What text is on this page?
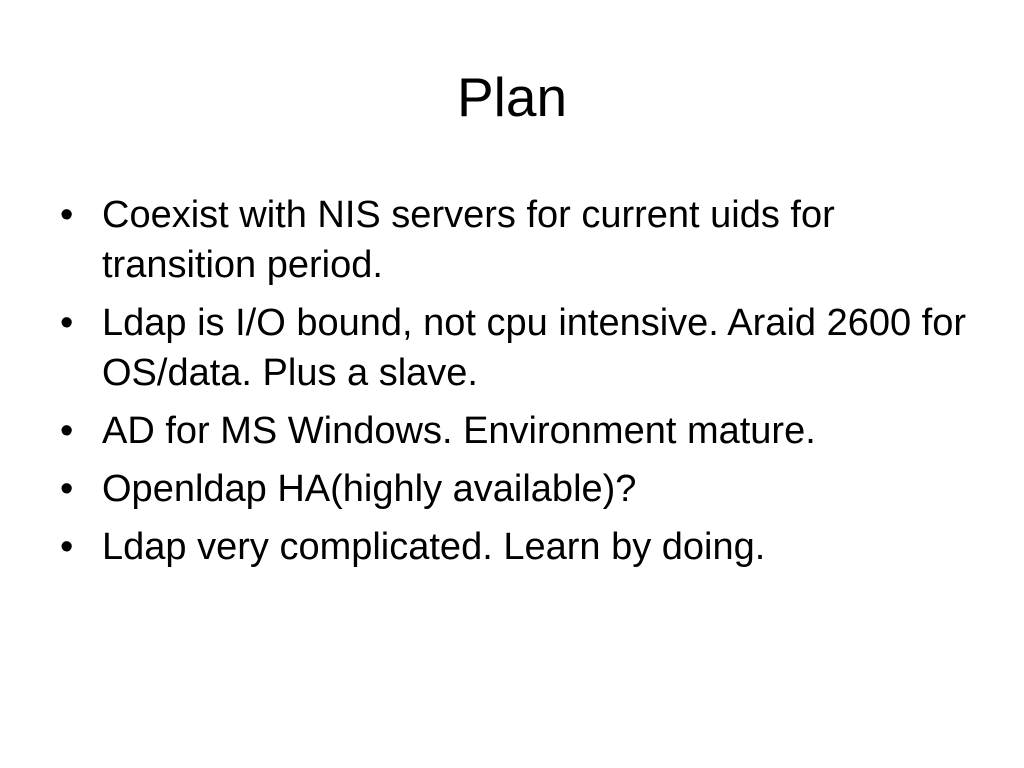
Plan
• Coexist with NIS servers for current uids for transition period.
• Ldap is I/O bound, not cpu intensive. Araid 2600 for OS/data. Plus a slave.
• AD for MS Windows. Environment mature.
• Openldap HA(highly available)?
• Ldap very complicated. Learn by doing.
